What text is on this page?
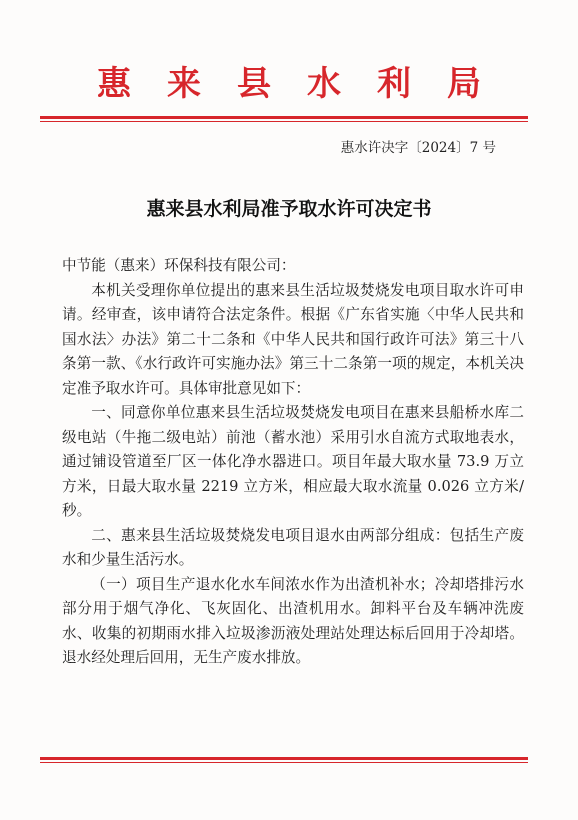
惠来县水利局
惠水许决字〔2024〕7 号
惠来县水利局准予取水许可决定书

中节能（惠来）环保科技有限公司：

本机关受理你单位提出的惠来县生活垃圾焚烧发电项目取水许可申请。经审查，该申请符合法定条件。根据《广东省实施〈中华人民共和国水法〉办法》第二十二条和《中华人民共和国行政许可法》第三十八条第一款、《水行政许可实施办法》第三十二条第一项的规定，本机关决定准予取水许可。具体审批意见如下：

一、同意你单位惠来县生活垃圾焚烧发电项目在惠来县船桥水库二级电站（牛拖二级电站）前池（蓄水池）采用引水自流方式取地表水，通过铺设管道至厂区一体化净水器进口。项目年最大取水量 73.9 万立方米，日最大取水量 2219 立方米，相应最大取水流量 0.026 立方米/秒。

二、惠来县生活垃圾焚烧发电项目退水由两部分组成：包括生产废水和少量生活污水。

（一）项目生产退水化水车间浓水作为出渣机补水；冷却塔排污水部分用于烟气净化、飞灰固化、出渣机用水。卸料平台及车辆冲洗废水、收集的初期雨水排入垃圾渗沥液处理站处理达标后回用于冷却塔。退水经处理后回用，无生产废水排放。
